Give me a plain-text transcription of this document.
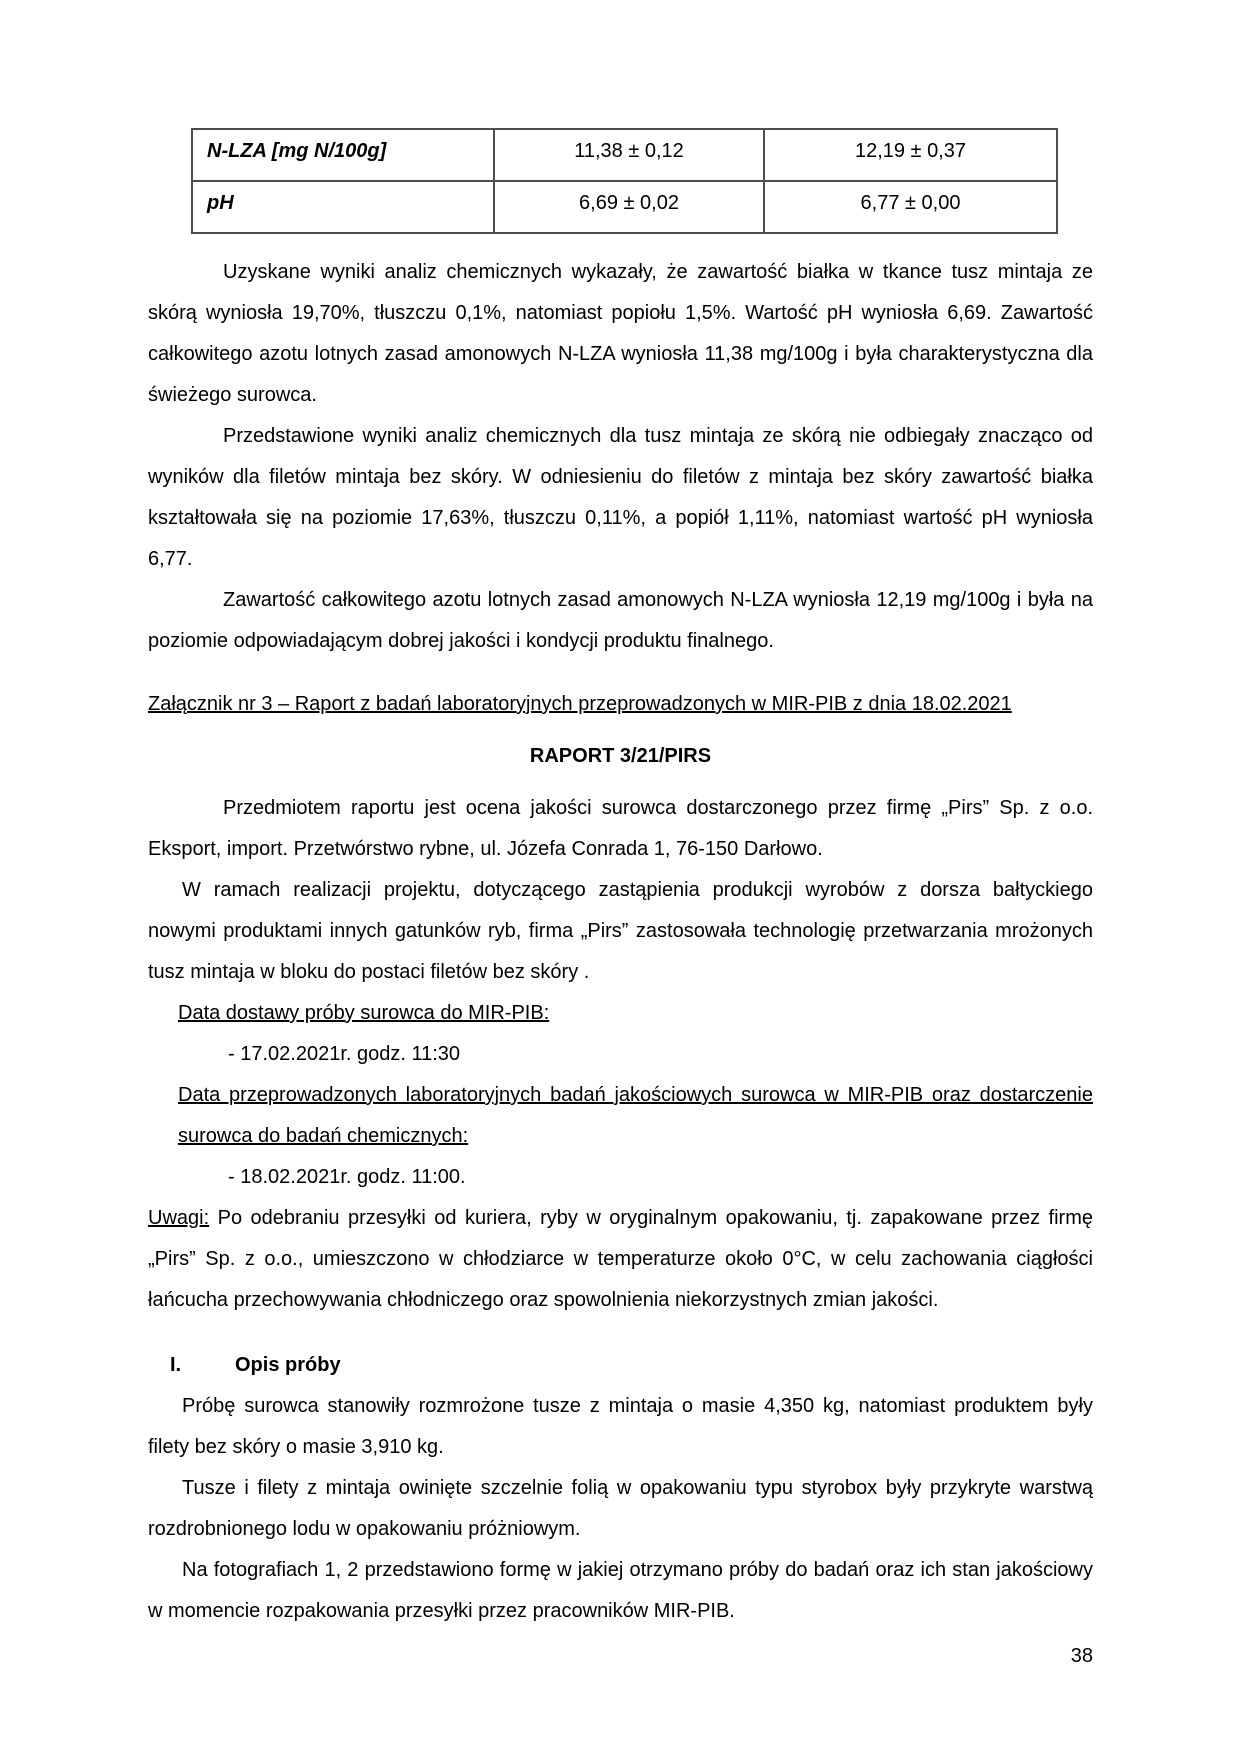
N-LZA [mg N/100g]	11,38 ± 0,12	12,19 ± 0,37
pH	6,69 ± 0,02	6,77 ± 0,00

Uzyskane wyniki analiz chemicznych wykazały, że zawartość białka w tkance tusz mintaja ze skórą wyniosła 19,70%, tłuszczu 0,1%, natomiast popiołu 1,5%. Wartość pH wyniosła 6,69. Zawartość całkowitego azotu lotnych zasad amonowych N-LZA wyniosła 11,38 mg/100g i była charakterystyczna dla świeżego surowca.

Przedstawione wyniki analiz chemicznych dla tusz mintaja ze skórą nie odbiegały znacząco od wyników dla filetów mintaja bez skóry. W odniesieniu do filetów z mintaja bez skóry zawartość białka kształtowała się na poziomie 17,63%, tłuszczu 0,11%, a popiół 1,11%, natomiast wartość pH wyniosła 6,77.

Zawartość całkowitego azotu lotnych zasad amonowych N-LZA wyniosła 12,19 mg/100g i była na poziomie odpowiadającym dobrej jakości i kondycji produktu finalnego.

Załącznik nr 3 – Raport z badań laboratoryjnych przeprowadzonych w MIR-PIB z dnia 18.02.2021

RAPORT 3/21/PIRS

Przedmiotem raportu jest ocena jakości surowca dostarczonego przez firmę „Pirs” Sp. z o.o. Eksport, import. Przetwórstwo rybne, ul. Józefa Conrada 1, 76-150 Darłowo.

W ramach realizacji projektu, dotyczącego zastąpienia produkcji wyrobów z dorsza bałtyckiego nowymi produktami innych gatunków ryb, firma „Pirs” zastosowała technologię przetwarzania mrożonych tusz mintaja w bloku do postaci filetów bez skóry .

Data dostawy próby surowca do MIR-PIB:

- 17.02.2021r. godz. 11:30

Data przeprowadzonych laboratoryjnych badań jakościowych surowca w MIR-PIB oraz dostarczenie surowca do badań chemicznych:

- 18.02.2021r. godz. 11:00.

Uwagi: Po odebraniu przesyłki od kuriera, ryby w oryginalnym opakowaniu, tj. zapakowane przez firmę „Pirs” Sp. z o.o., umieszczono w chłodziarce w temperaturze około 0°C, w celu zachowania ciągłości łańcucha przechowywania chłodniczego oraz spowolnienia niekorzystnych zmian jakości.

I.	Opis próby

Próbę surowca stanowiły rozmrożone tusze z mintaja o masie 4,350 kg, natomiast produktem były filety bez skóry o masie 3,910 kg.

Tusze i filety z mintaja owinięte szczelnie folią w opakowaniu typu styrobox były przykryte warstwą rozdrobnionego lodu w opakowaniu próżniowym.

Na fotografiach 1, 2 przedstawiono formę w jakiej otrzymano próby do badań oraz ich stan jakościowy w momencie rozpakowania przesyłki przez pracowników MIR-PIB.

38
